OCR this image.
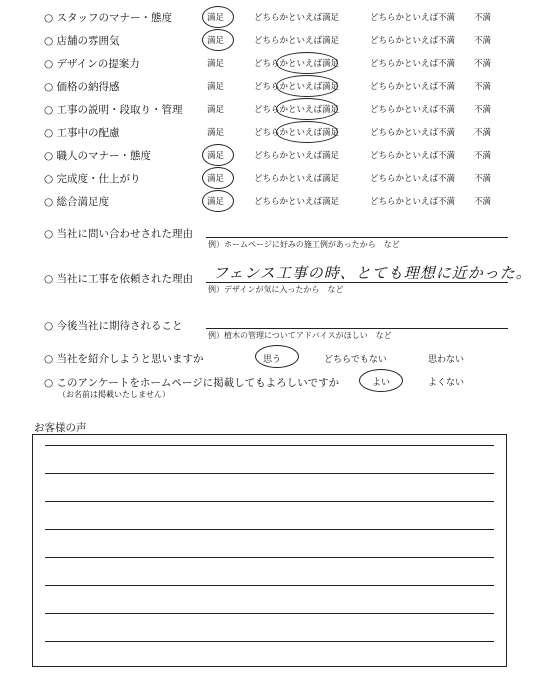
○ スタッフのマナー・態度	満足	どちらかといえば満足	どちらかといえば不満 不満
○ 店舗の雰囲気	満足	どちらかといえば満足	どちらかといえば不満 不満
○ デザインの提案力	満足	どちらかといえば満足	どちらかといえば不満 不満
○ 価格の納得感	満足	どちらかといえば満足	どちらかといえば不満 不満
○ 工事の説明・段取り・管理	満足	どちらかといえば満足	どちらかといえば不満 不満
○ 工事中の配慮	満足	どちらかといえば満足	どちらかといえば不満 不満
○ 職人のマナー・態度	満足	どちらかといえば満足	どちらかといえば不満 不満
○ 完成度・仕上がり	満足	どちらかといえば満足	どちらかといえば不満 不満
○ 総合満足度	満足	どちらかといえば満足	どちらかといえば不満 不満
○ 当社に問い合わせされた理由
例）ホームページに好みの施工例があったから　など
○ 当社に工事を依頼された理由 フェンス工事の時、とても理想に近かった。
例）デザインが気に入ったから　など
○ 今後当社に期待されること
例）植木の管理についてアドバイスがほしい　など
○ 当社を紹介しようと思いますか	思う	どちらでもない	思わない
○ このアンケートをホームページに掲載してもよろしいですか
（お名前は掲載いたしません）
よい	よくない
お客様の声
